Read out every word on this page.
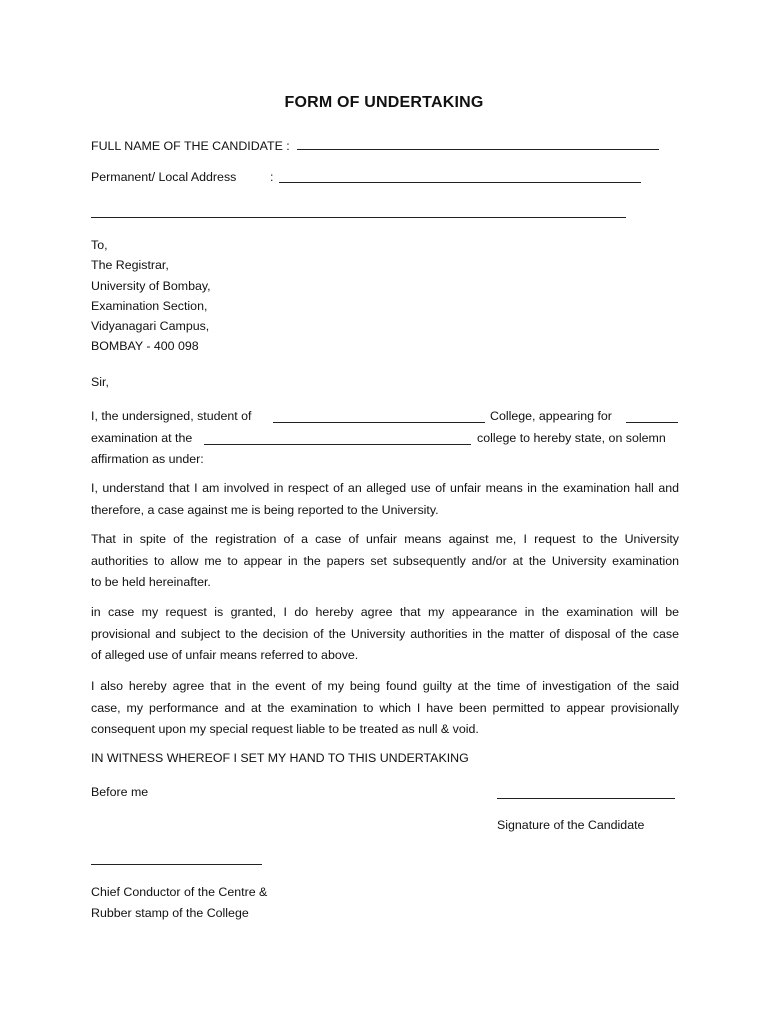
FORM OF UNDERTAKING
FULL NAME OF THE CANDIDATE :
Permanent/ Local Address	:
To,
The Registrar,
University of Bombay,
Examination Section,
Vidyanagari Campus,
BOMBAY - 400 098
Sir,
I, the undersigned, student of	College, appearing for
examination at the	college to hereby state, on solemn
affirmation as under:
I, understand that I am involved in respect of an alleged use of unfair means in the examination hall and
therefore, a case against me is being reported to the University.
That in spite of the registration of a case of unfair means against me, I request to the University
authorities to allow me to appear in the papers set subsequently and/or at the University examination
to be held hereinafter.
in case my request is granted, I do hereby agree that my appearance in the examination will be
provisional and subject to the decision of the University authorities in the matter of disposal of the case
of alleged use of unfair means referred to above.
I also hereby agree that in the event of my being found guilty at the time of investigation of the said
case, my performance and at the examination to which I have been permitted to appear provisionally
consequent upon my special request liable to be treated as null & void.
IN WITNESS WHEREOF I SET MY HAND TO THIS UNDERTAKING
Before me
Signature of the Candidate
Chief Conductor of the Centre &
Rubber stamp of the College
